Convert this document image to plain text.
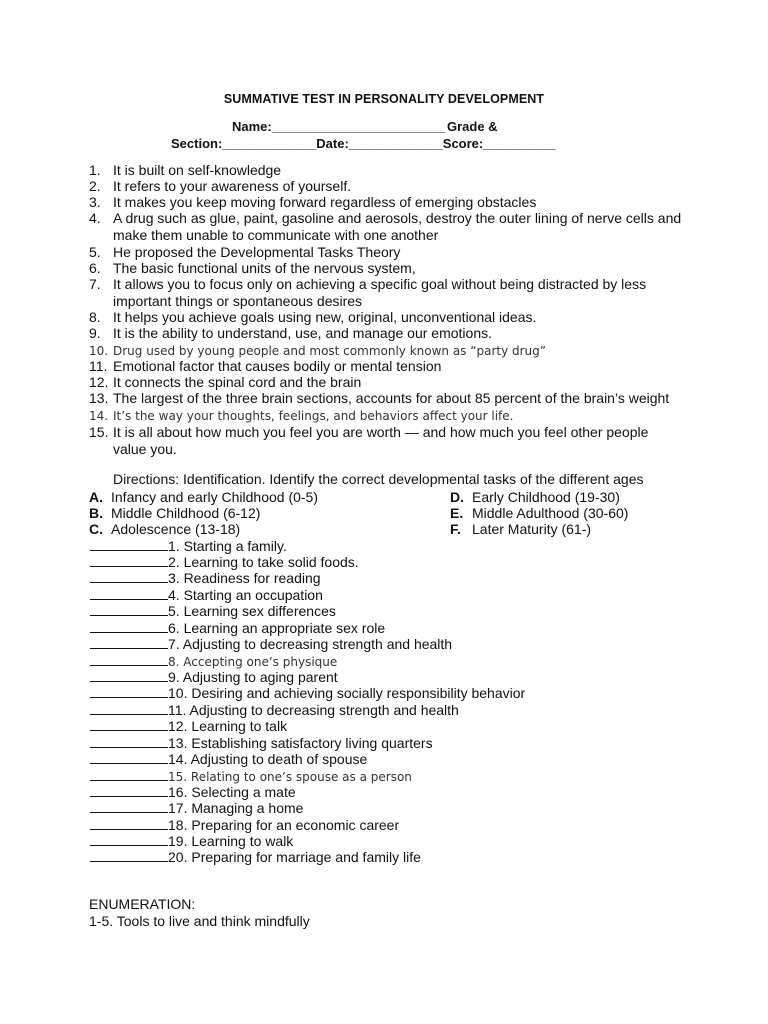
SUMMATIVE TEST IN PERSONALITY DEVELOPMENT
Name:________________________ Grade &
Section:_____________Date:_____________Score:__________
1. It is built on self-knowledge
2. It refers to your awareness of yourself.
3. It makes you keep moving forward regardless of emerging obstacles
4. A drug such as glue, paint, gasoline and aerosols, destroy the outer lining of nerve cells and make them unable to communicate with one another
5. He proposed the Developmental Tasks Theory
6. The basic functional units of the nervous system,
7. It allows you to focus only on achieving a specific goal without being distracted by less important things or spontaneous desires
8. It helps you achieve goals using new, original, unconventional ideas.
9. It is the ability to understand, use, and manage our emotions.
10. Drug used by young people and most commonly known as “party drug”
11. Emotional factor that causes bodily or mental tension
12. It connects the spinal cord and the brain
13. The largest of the three brain sections, accounts for about 85 percent of the brain’s weight
14. It’s the way your thoughts, feelings, and behaviors affect your life.
15. It is all about how much you feel you are worth — and how much you feel other people value you.
Directions: Identification. Identify the correct developmental tasks of the different ages
A. Infancy and early Childhood (0-5)
B. Middle Childhood (6-12)
C. Adolescence (13-18)
D. Early Childhood (19-30)
E. Middle Adulthood (30-60)
F. Later Maturity (61-)
1. Starting a family.
2. Learning to take solid foods.
3. Readiness for reading
4. Starting an occupation
5. Learning sex differences
6. Learning an appropriate sex role
7. Adjusting to decreasing strength and health
8. Accepting one’s physique
9. Adjusting to aging parent
10. Desiring and achieving socially responsibility behavior
11. Adjusting to decreasing strength and health
12. Learning to talk
13. Establishing satisfactory living quarters
14. Adjusting to death of spouse
15. Relating to one’s spouse as a person
16. Selecting a mate
17. Managing a home
18. Preparing for an economic career
19. Learning to walk
20. Preparing for marriage and family life
ENUMERATION:
1-5. Tools to live and think mindfully
